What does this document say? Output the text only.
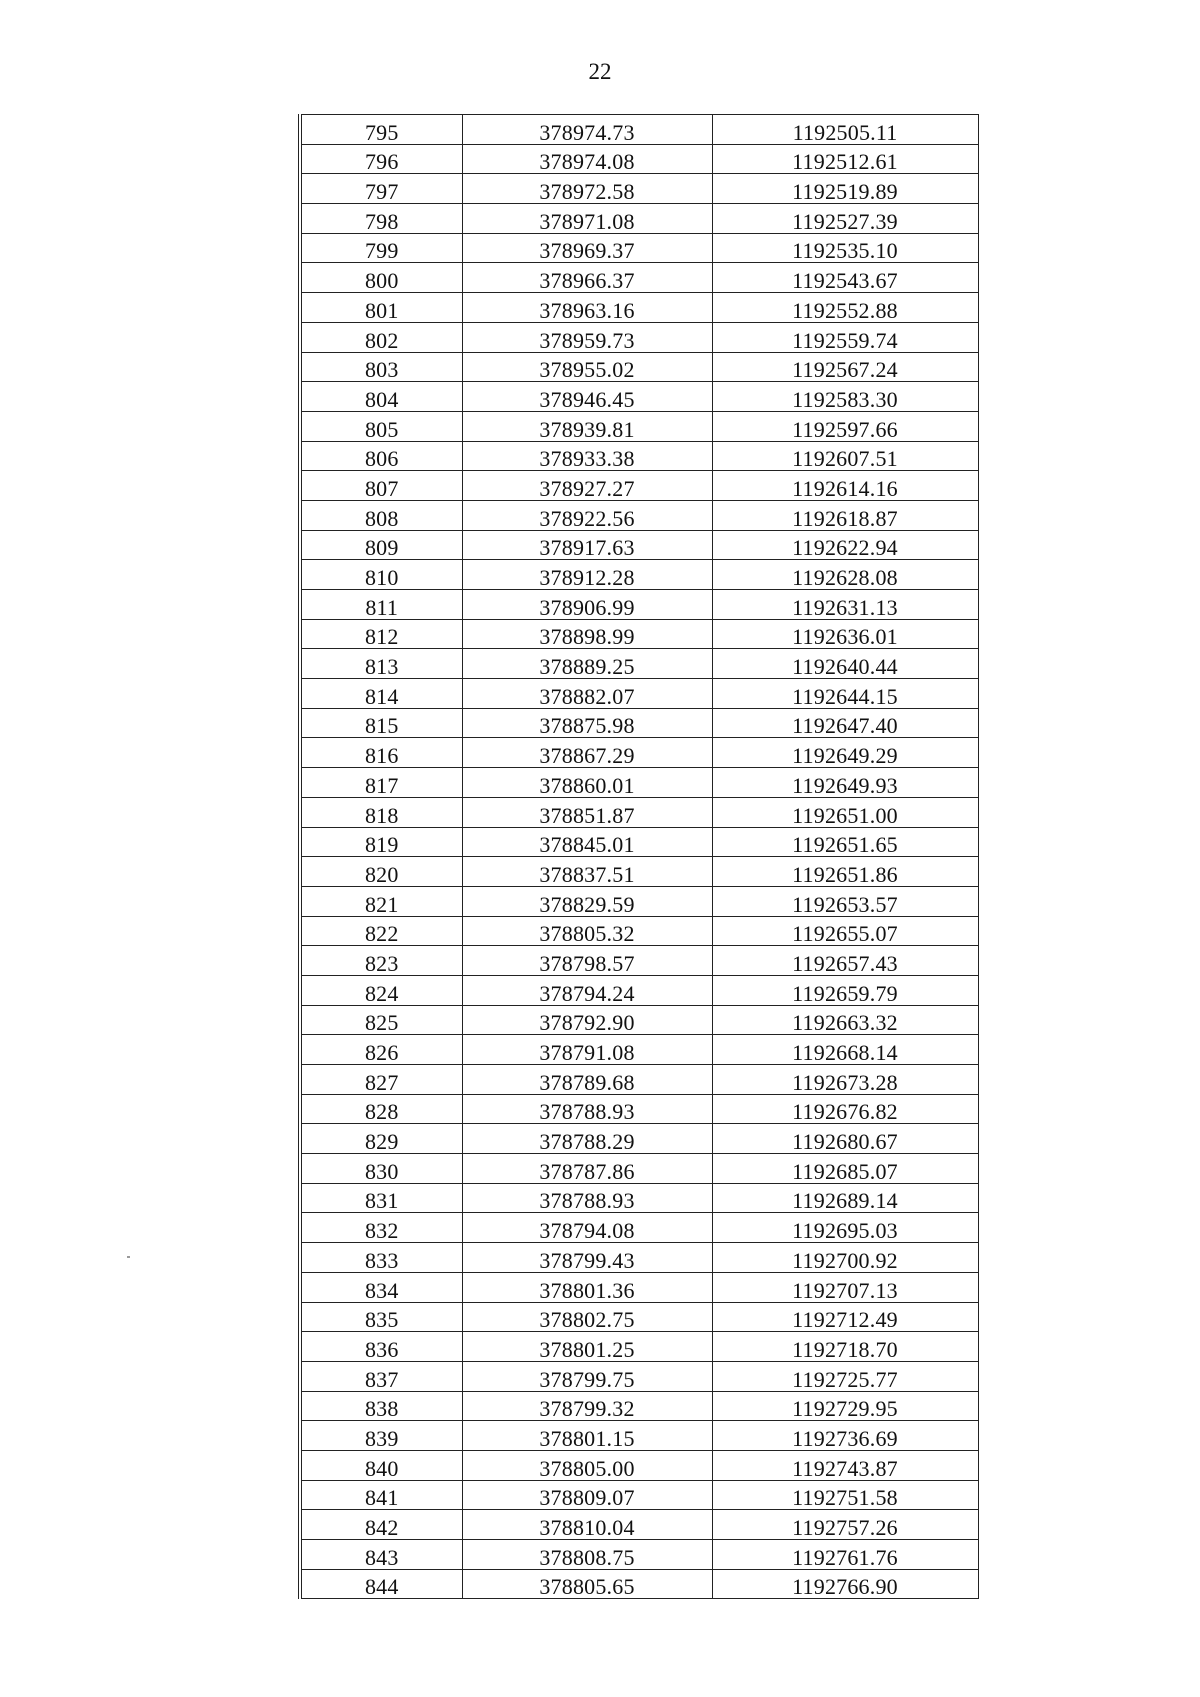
22
795	378974.73	1192505.11
796	378974.08	1192512.61
797	378972.58	1192519.89
798	378971.08	1192527.39
799	378969.37	1192535.10
800	378966.37	1192543.67
801	378963.16	1192552.88
802	378959.73	1192559.74
803	378955.02	1192567.24
804	378946.45	1192583.30
805	378939.81	1192597.66
806	378933.38	1192607.51
807	378927.27	1192614.16
808	378922.56	1192618.87
809	378917.63	1192622.94
810	378912.28	1192628.08
811	378906.99	1192631.13
812	378898.99	1192636.01
813	378889.25	1192640.44
814	378882.07	1192644.15
815	378875.98	1192647.40
816	378867.29	1192649.29
817	378860.01	1192649.93
818	378851.87	1192651.00
819	378845.01	1192651.65
820	378837.51	1192651.86
821	378829.59	1192653.57
822	378805.32	1192655.07
823	378798.57	1192657.43
824	378794.24	1192659.79
825	378792.90	1192663.32
826	378791.08	1192668.14
827	378789.68	1192673.28
828	378788.93	1192676.82
829	378788.29	1192680.67
830	378787.86	1192685.07
831	378788.93	1192689.14
832	378794.08	1192695.03
833	378799.43	1192700.92
834	378801.36	1192707.13
835	378802.75	1192712.49
836	378801.25	1192718.70
837	378799.75	1192725.77
838	378799.32	1192729.95
839	378801.15	1192736.69
840	378805.00	1192743.87
841	378809.07	1192751.58
842	378810.04	1192757.26
843	378808.75	1192761.76
844	378805.65	1192766.90
